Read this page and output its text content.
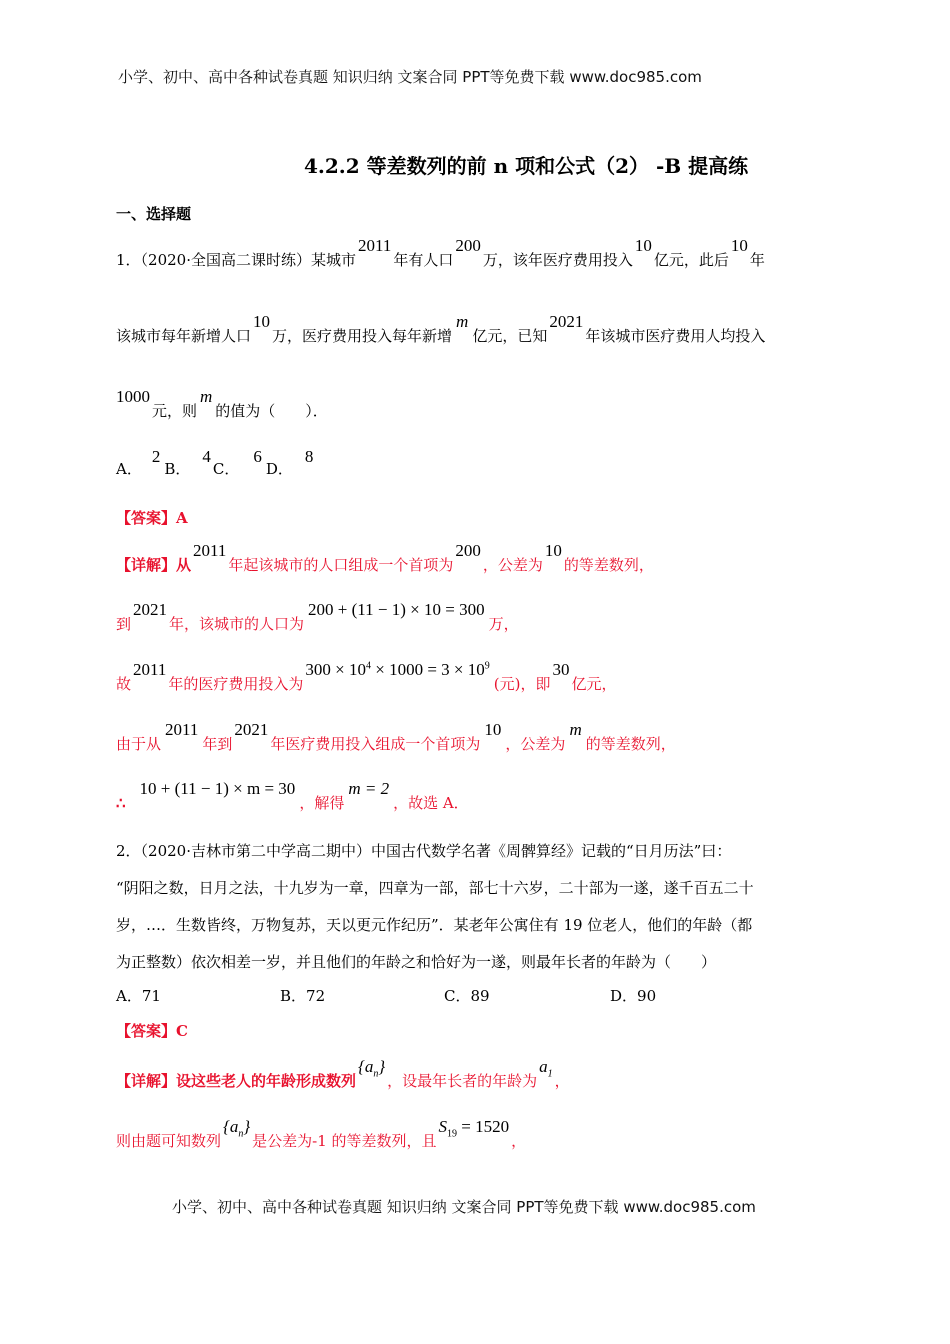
小学、初中、高中各种试卷真题 知识归纳 文案合同 PPT等免费下载 www.doc985.com
小学、初中、高中各种试卷真题 知识归纳 文案合同 PPT等免费下载 www.doc985.com
4.2.2 等差数列的前 n 项和公式（2） -B 提高练
一、选择题
1．（2020·全国高二课时练）某城市2011年有人口200万，该年医疗费用投入10亿元，此后10年
该城市每年新增人口10万，医疗费用投入每年新增m亿元，已知2021年该城市医疗费用人均投入
1000元，则m的值为（　　）．
A．2B．4C．6D．8
【答案】A
【详解】从2011年起该城市的人口组成一个首项为200，公差为10的等差数列，
到2021年，该城市的人口为200 + (11 − 1) × 10 = 300万，
故2011年的医疗费用投入为$300 \times 10^4 \times 1000 = 3 \times 10^9$(元)，即30亿元，
由于从2011年到2021年医疗费用投入组成一个首项为10，公差为m的等差数列，
∴10 + (11 − 1) × m = 30，解得m = 2，故选 A．
2．（2020·吉林市第二中学高二期中）中国古代数学名著《周髀算经》记载的“日月历法”曰：
“阴阳之数，日月之法，十九岁为一章，四章为一部，部七十六岁，二十部为一遂，遂千百五二十
岁，…．生数皆终，万物复苏，天以更元作纪历”．某老年公寓住有 19 位老人，他们的年龄（都
为正整数）依次相差一岁，并且他们的年龄之和恰好为一遂，则最年长者的年龄为（　　）
A．71	B．72	C．89	D．90
【答案】C
【详解】设这些老人的年龄形成数列$\{a_n\}$，设最年长者的年龄为$a_1$ ，
则由题可知数列$\{a_n\}$是公差为-1 的等差数列，且$S_{19} = 1520$，
